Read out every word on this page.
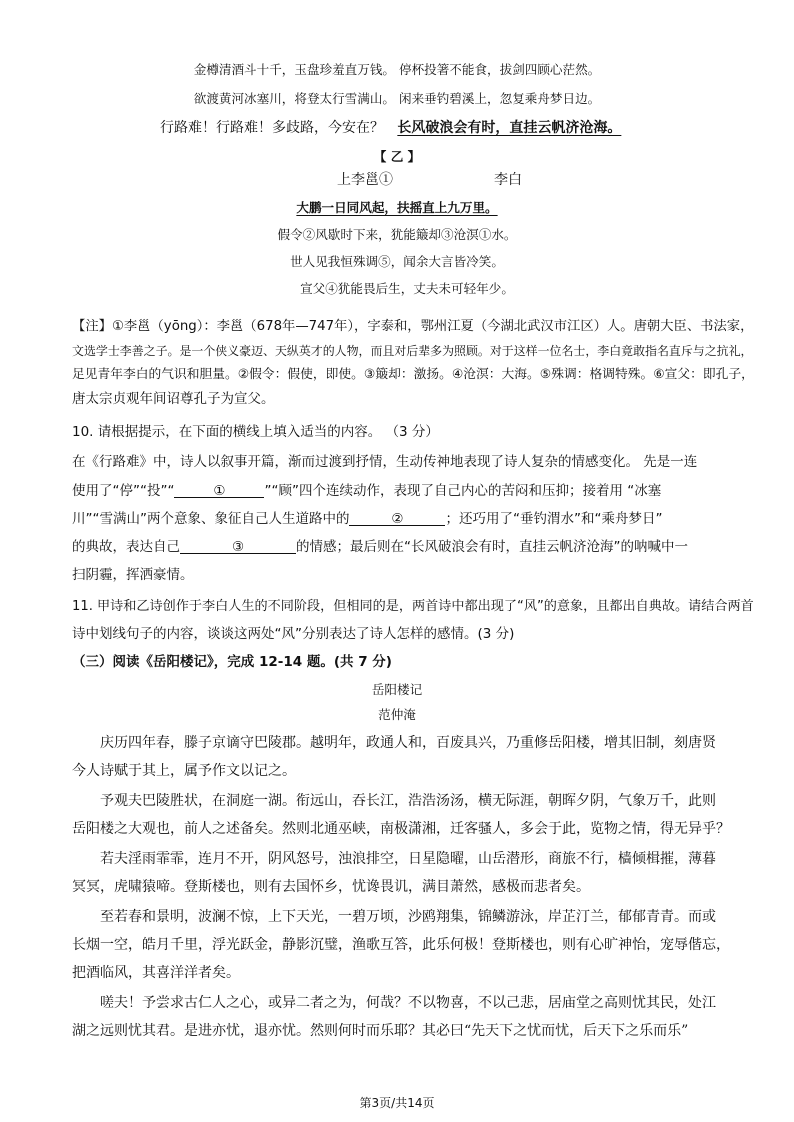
金樽清酒斗十千，玉盘珍羞直万钱。 停杯投箸不能食，拔剑四顾心茫然。
欲渡黄河冰塞川，将登太行雪满山。 闲来垂钓碧溪上，忽复乘舟梦日边。
行路难！行路难！多歧路，今安在？ 长风破浪会有时，直挂云帆济沧海。
【 乙 】
上李邕①	李白
大鹏一日同风起，扶摇直上九万里。
假令②风歇时下来，犹能簸却③沧溟①水。
世人见我恒殊调⑤，闻余大言皆冷笑。
宣父④犹能畏后生，丈夫未可轻年少。
【注】①李邕（yōng）：李邕（678年—747年），字泰和，鄂州江夏（今湖北武汉市江区）人。唐朝大臣、书法家，
文选学士李善之子。是一个侠义豪迈、天纵英才的人物，而且对后辈多为照顾。对于这样一位名士，李白竟敢指名直斥与之抗礼，
足见青年李白的气识和胆量。②假令：假使，即使。③簸却：激扬。④沧溟：大海。⑤殊调：格调特殊。⑥宣父：即孔子，
唐太宗贞观年间诏尊孔子为宣父。
10. 请根据提示，在下面的横线上填入适当的内容。 （3 分）
在《行路难》中，诗人以叙事开篇，渐而过渡到抒情，生动传神地表现了诗人复杂的情感变化。 先是一连
使用了“停”“投”“	①	”“顾”四个连续动作，表现了自己内心的苦闷和压抑；接着用 “冰塞
川”“雪满山”两个意象、象征自己人生道路中的	②	；还巧用了“垂钓渭水”和“乘舟梦日”
的典故，表达自己	③	的情感；最后则在“长风破浪会有时，直挂云帆济沧海”的呐喊中一
扫阴霾，挥洒豪情。
11. 甲诗和乙诗创作于李白人生的不同阶段，但相同的是，两首诗中都出现了“风”的意象，且都出自典故。请结合两首
诗中划线句子的内容，谈谈这两处“风”分别表达了诗人怎样的感情。(3 分)
（三）阅读《岳阳楼记》，完成 12-14 题。(共 7 分)
岳阳楼记
范仲淹
庆历四年春，滕子京谪守巴陵郡。越明年，政通人和，百废具兴，乃重修岳阳楼，增其旧制，刻唐贤
今人诗赋于其上，属予作文以记之。
予观夫巴陵胜状，在洞庭一湖。衔远山，吞长江，浩浩汤汤，横无际涯，朝晖夕阴，气象万千，此则
岳阳楼之大观也，前人之述备矣。然则北通巫峡，南极潇湘，迁客骚人，多会于此，览物之情，得无异乎？
若夫淫雨霏霏，连月不开，阴风怒号，浊浪排空，日星隐曜，山岳潜形，商旅不行，樯倾楫摧，薄暮
冥冥，虎啸猿啼。登斯楼也，则有去国怀乡，忧谗畏讥，满目萧然，感极而悲者矣。
至若春和景明，波澜不惊，上下天光，一碧万顷，沙鸥翔集，锦鳞游泳，岸芷汀兰，郁郁青青。而或
长烟一空，皓月千里，浮光跃金，静影沉璧，渔歌互答，此乐何极！登斯楼也，则有心旷神怡，宠辱偕忘，
把酒临风，其喜洋洋者矣。
嗟夫！予尝求古仁人之心，或异二者之为，何哉？不以物喜，不以己悲，居庙堂之高则忧其民，处江
湖之远则忧其君。是进亦忧，退亦忧。然则何时而乐耶？其必曰“先天下之忧而忧，后天下之乐而乐”
第3页/共14页
